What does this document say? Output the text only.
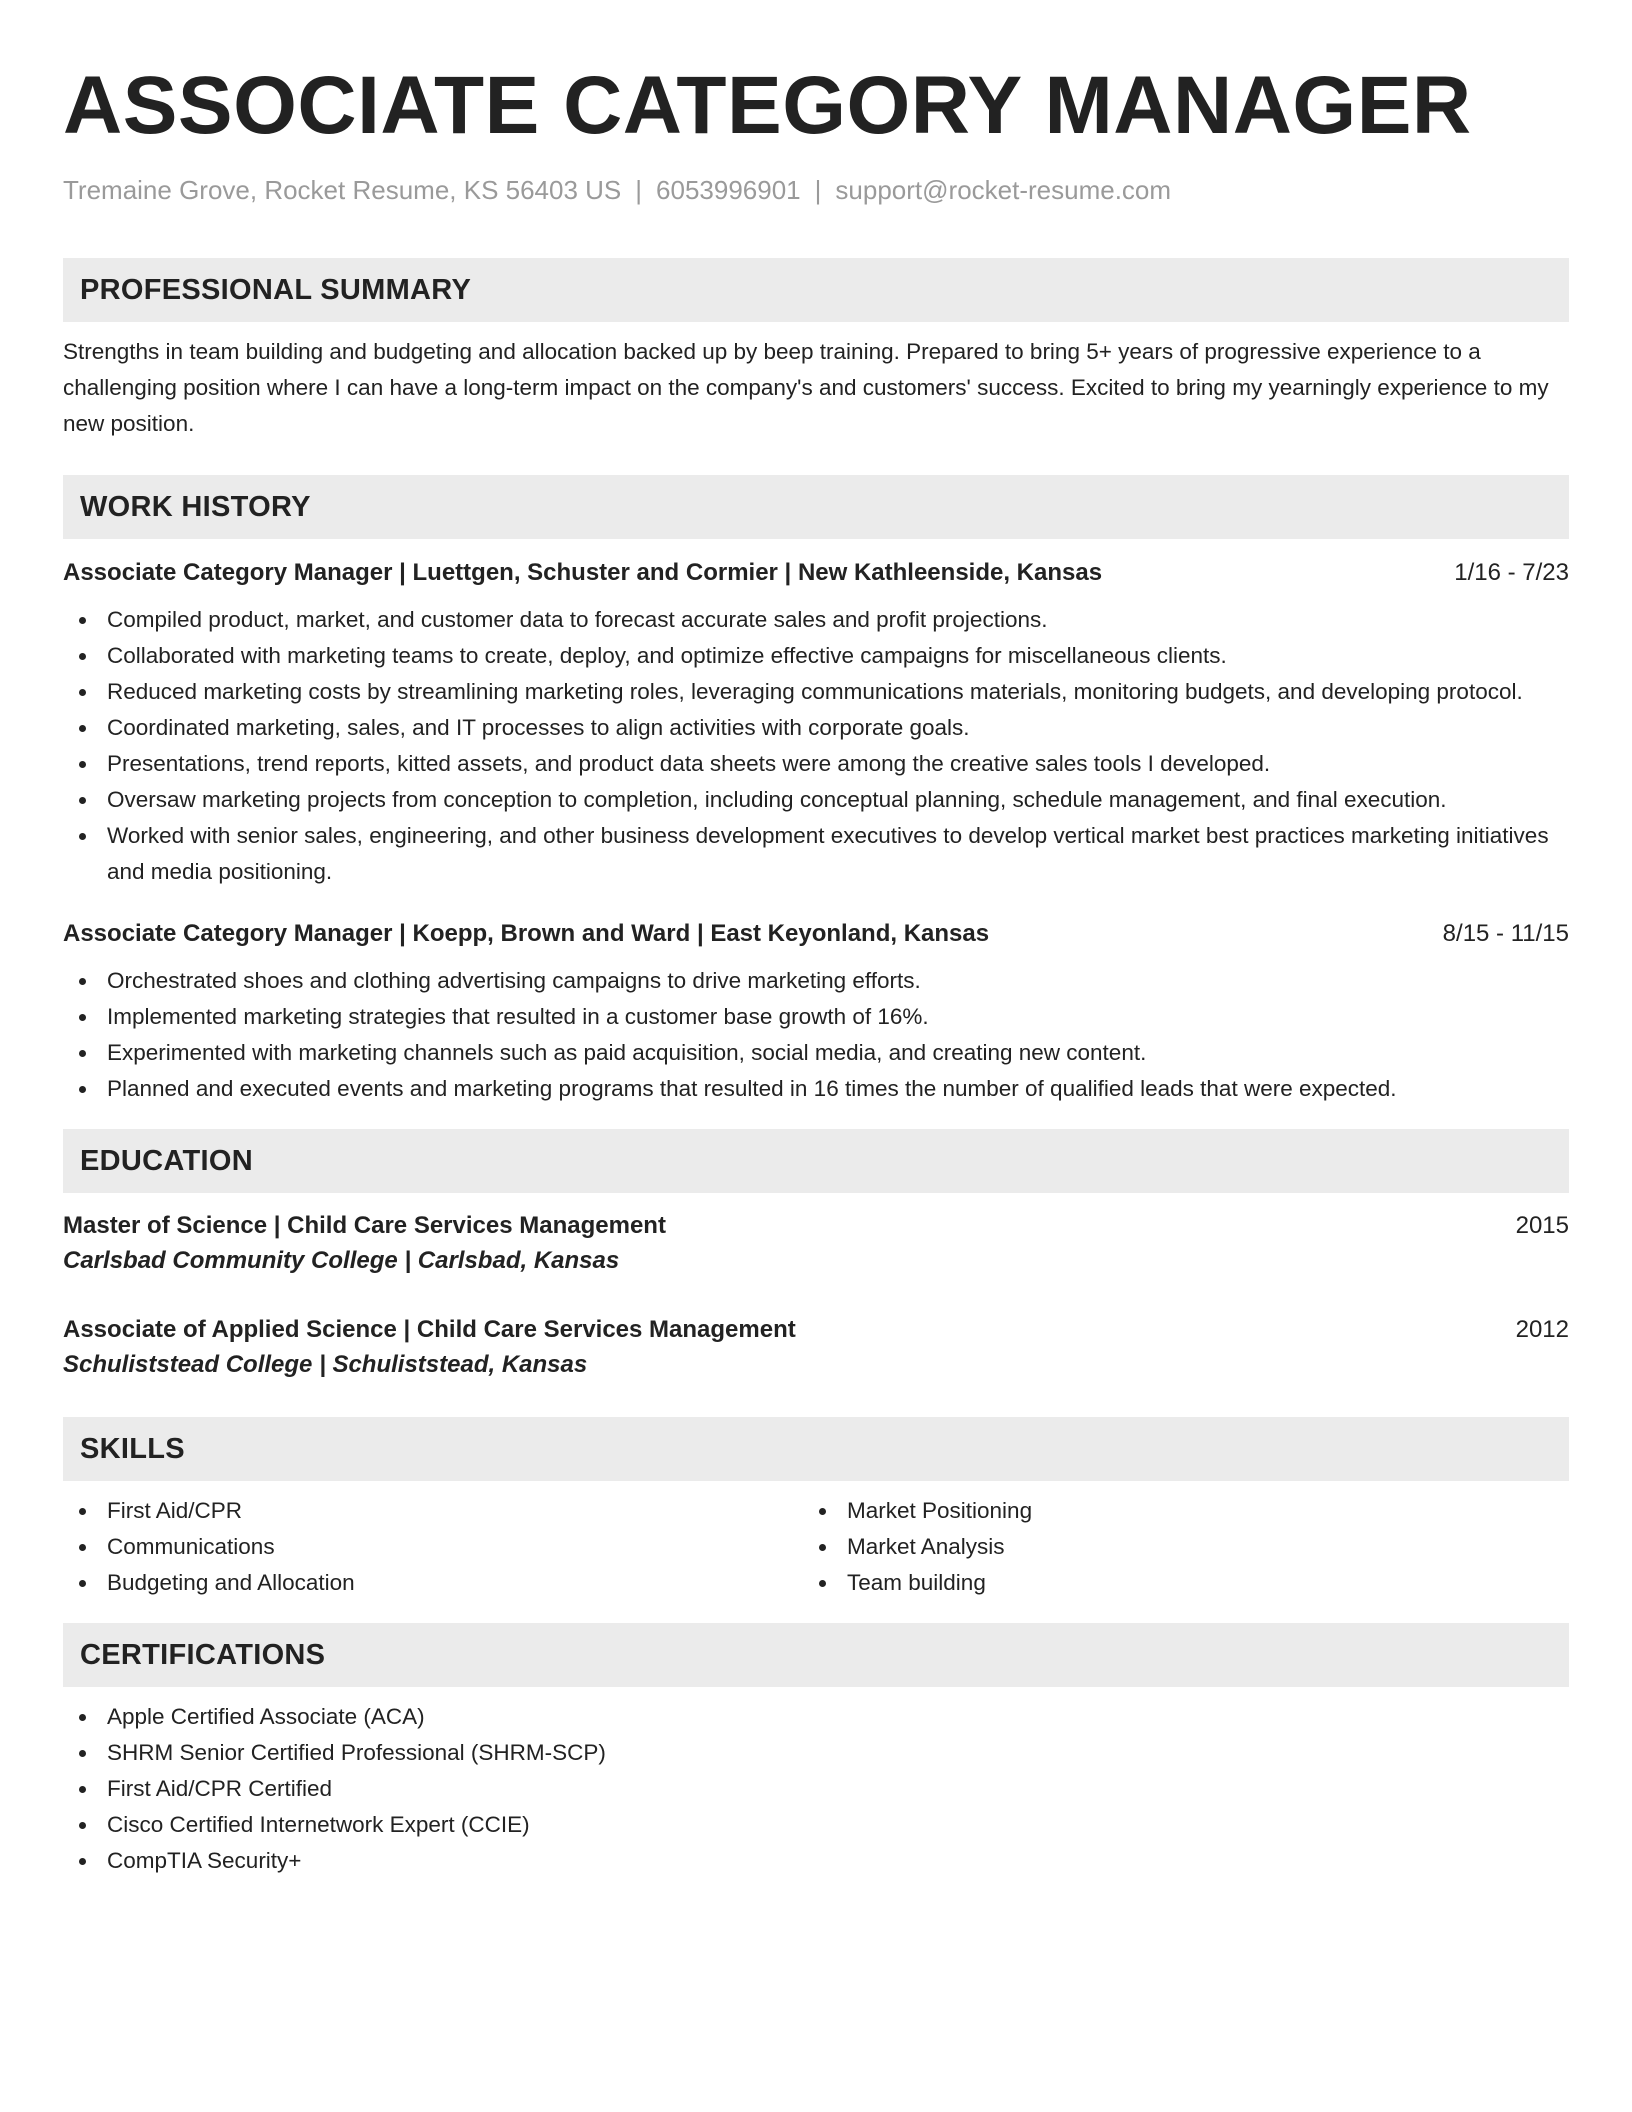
ASSOCIATE CATEGORY MANAGER
Tremaine Grove, Rocket Resume, KS 56403 US | 6053996901 | support@rocket-resume.com
PROFESSIONAL SUMMARY
Strengths in team building and budgeting and allocation backed up by beep training. Prepared to bring 5+ years of progressive experience to a challenging position where I can have a long-term impact on the company's and customers' success. Excited to bring my yearningly experience to my new position.
WORK HISTORY
Associate Category Manager | Luettgen, Schuster and Cormier | New Kathleenside, Kansas	1/16 - 7/23
Compiled product, market, and customer data to forecast accurate sales and profit projections.
Collaborated with marketing teams to create, deploy, and optimize effective campaigns for miscellaneous clients.
Reduced marketing costs by streamlining marketing roles, leveraging communications materials, monitoring budgets, and developing protocol.
Coordinated marketing, sales, and IT processes to align activities with corporate goals.
Presentations, trend reports, kitted assets, and product data sheets were among the creative sales tools I developed.
Oversaw marketing projects from conception to completion, including conceptual planning, schedule management, and final execution.
Worked with senior sales, engineering, and other business development executives to develop vertical market best practices marketing initiatives and media positioning.
Associate Category Manager | Koepp, Brown and Ward | East Keyonland, Kansas	8/15 - 11/15
Orchestrated shoes and clothing advertising campaigns to drive marketing efforts.
Implemented marketing strategies that resulted in a customer base growth of 16%.
Experimented with marketing channels such as paid acquisition, social media, and creating new content.
Planned and executed events and marketing programs that resulted in 16 times the number of qualified leads that were expected.
EDUCATION
Master of Science | Child Care Services Management	2015
Carlsbad Community College | Carlsbad, Kansas
Associate of Applied Science | Child Care Services Management	2012
Schuliststead College | Schuliststead, Kansas
SKILLS
First Aid/CPR
Communications
Budgeting and Allocation
Market Positioning
Market Analysis
Team building
CERTIFICATIONS
Apple Certified Associate (ACA)
SHRM Senior Certified Professional (SHRM-SCP)
First Aid/CPR Certified
Cisco Certified Internetwork Expert (CCIE)
CompTIA Security+
